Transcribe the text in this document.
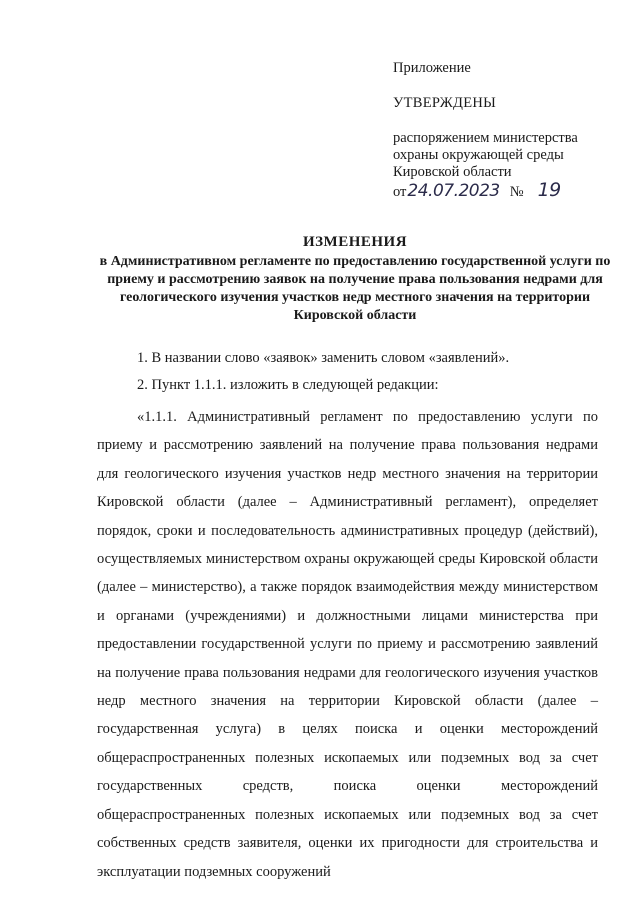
Приложение
УТВЕРЖДЕНЫ
распоряжением министерства
охраны окружающей среды
Кировской области
от24.07.2023 № 19
ИЗМЕНЕНИЯ
в Административном регламенте по предоставлению государственной услуги по приему и рассмотрению заявок на получение права пользования недрами для геологического изучения участков недр местного значения на территории Кировской области
1. В названии слово «заявок» заменить словом «заявлений».
2. Пункт 1.1.1. изложить в следующей редакции:

«1.1.1. Административный регламент по предоставлению услуги по приему и рассмотрению заявлений на получение права пользования недрами для геологического изучения участков недр местного значения на территории Кировской области (далее – Административный регламент), определяет порядок, сроки и последовательность административных процедур (действий), осуществляемых министерством охраны окружающей среды Кировской области (далее – министерство), а также порядок взаимодействия между министерством и органами (учреждениями) и должностными лицами министерства при предоставлении государственной услуги по приему и рассмотрению заявлений на получение права пользования недрами для геологического изучения участков недр местного значения на территории Кировской области (далее – государственная услуга) в целях поиска и оценки месторождений общераспространенных полезных ископаемых или подземных вод за счет государственных средств, поиска оценки месторождений общераспространенных полезных ископаемых или подземных вод за счет собственных средств заявителя, оценки их пригодности для строительства и эксплуатации подземных сооружений
